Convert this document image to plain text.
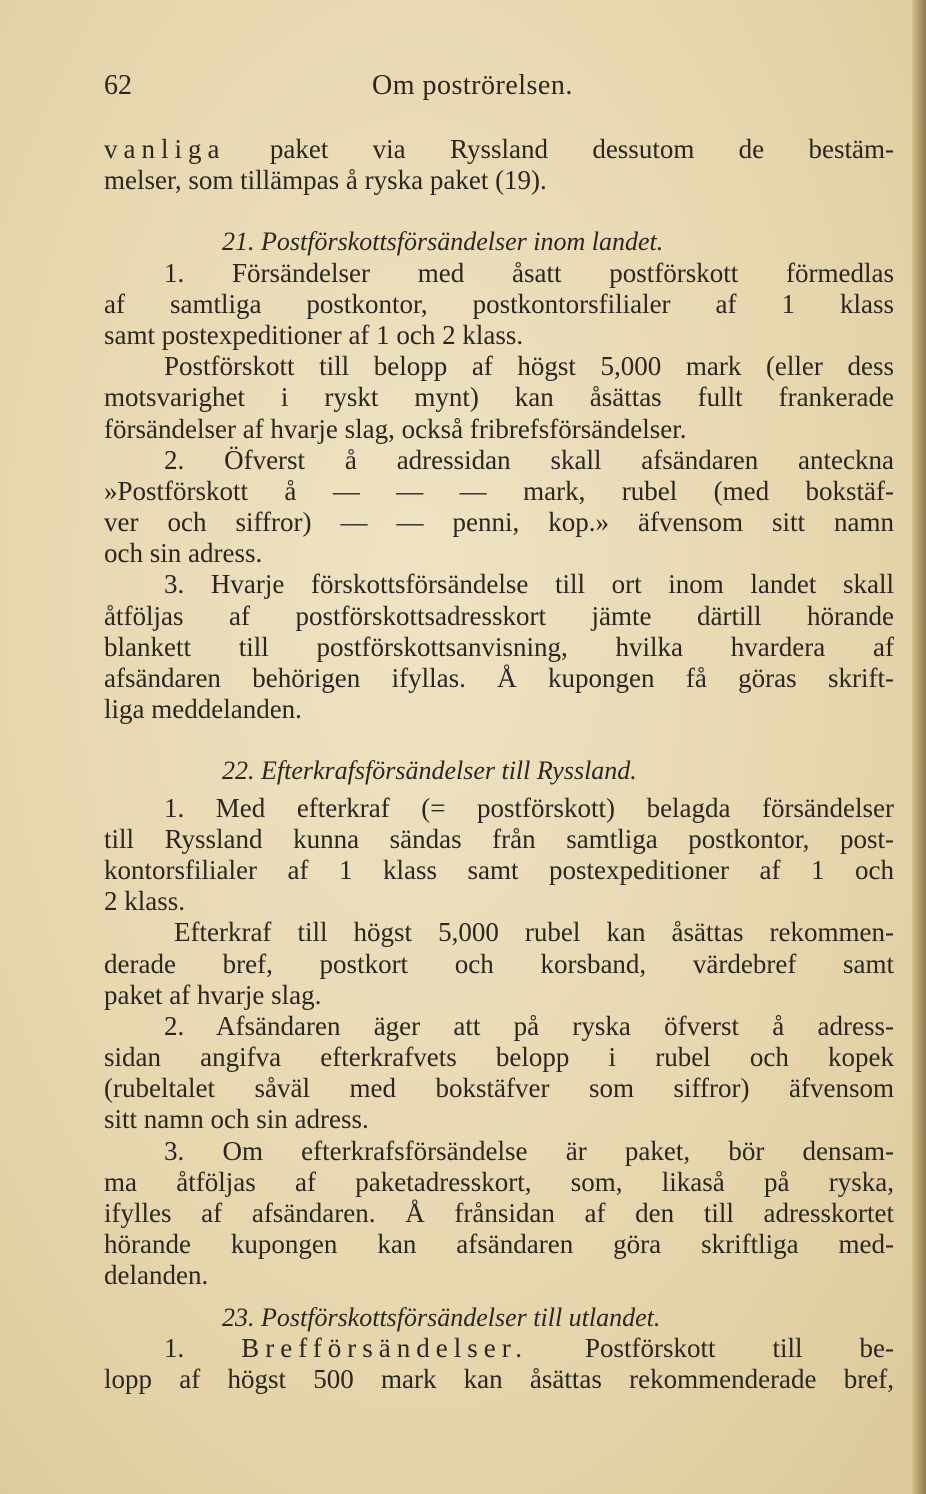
62	Om poströrelsen.
vanliga paket via Ryssland dessutom de bestäm-
melser, som tillämpas å ryska paket (19).
21. Postförskottsförsändelser inom landet.
1. Försändelser med åsatt postförskott förmedlas
af samtliga postkontor, postkontorsfilialer af 1 klass
samt postexpeditioner af 1 och 2 klass.
Postförskott till belopp af högst 5,000 mark (eller dess
motsvarighet i ryskt mynt) kan åsättas fullt frankerade
försändelser af hvarje slag, också fribrefsförsändelser.
2. Öfverst å adressidan skall afsändaren anteckna
»Postförskott å — — — mark, rubel (med bokstäf-
ver och siffror) — — penni, kop.» äfvensom sitt namn
och sin adress.
3. Hvarje förskottsförsändelse till ort inom landet skall
åtföljas af postförskottsadresskort jämte därtill hörande
blankett till postförskottsanvisning, hvilka hvardera af
afsändaren behörigen ifyllas. Å kupongen få göras skrift-
liga meddelanden.
22. Efterkrafsförsändelser till Ryssland.
1. Med efterkraf (= postförskott) belagda försändelser
till Ryssland kunna sändas från samtliga postkontor, post-
kontorsfilialer af 1 klass samt postexpeditioner af 1 och
2 klass.
Efterkraf till högst 5,000 rubel kan åsättas rekommen-
derade bref, postkort och korsband, värdebref samt
paket af hvarje slag.
2. Afsändaren äger att på ryska öfverst å adress-
sidan angifva efterkrafvets belopp i rubel och kopek
(rubeltalet såväl med bokstäfver som siffror) äfvensom
sitt namn och sin adress.
3. Om efterkrafsförsändelse är paket, bör densam-
ma åtföljas af paketadresskort, som, likaså på ryska,
ifylles af afsändaren. Å frånsidan af den till adresskortet
hörande kupongen kan afsändaren göra skriftliga med-
delanden.
23. Postförskottsförsändelser till utlandet.
1. Brefförsändelser. Postförskott till be-
lopp af högst 500 mark kan åsättas rekommenderade bref,
